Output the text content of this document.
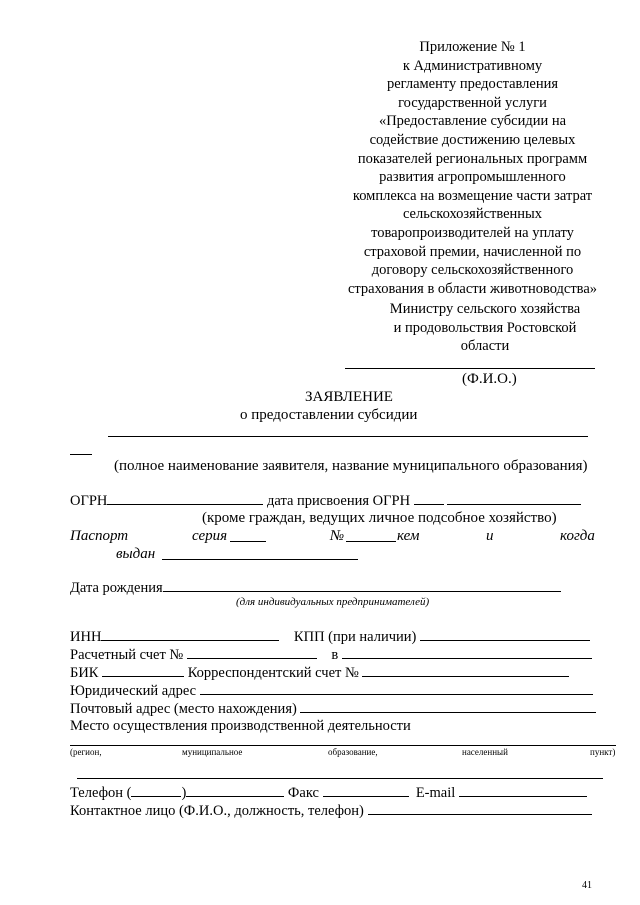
Приложение № 1
к Административному
регламенту предоставления
государственной услуги
«Предоставление субсидии на
содействие достижению целевых
показателей региональных программ
развития агропромышленного
комплекса на возмещение части затрат
сельскохозяйственных
товаропроизводителей на уплату
страховой премии, начисленной по
договору сельскохозяйственного
страхования в области животноводства»
Министру сельского хозяйства
и продовольствия Ростовской
области
(Ф.И.О.)
ЗАЯВЛЕНИЕ
о предоставлении субсидии
(полное наименование заявителя, название муниципального образования)
ОГРН	дата присвоения ОГРН
(кроме граждан, ведущих личное подсобное хозяйство)
Паспорт	серия	№	кем	и	когда
выдан
Дата рождения
(для индивидуальных предпринимателей)
ИНН	КПП (при наличии)
Расчетный счет №	в
БИК	Корреспондентский счет №
Юридический адрес
Почтовый адрес (место нахождения)
Место осуществления производственной деятельности
(регион,	муниципальное	образование,	населенный	пункт)
Телефон (	)	Факс	E-mail
Контактное лицо (Ф.И.О., должность, телефон)
41
